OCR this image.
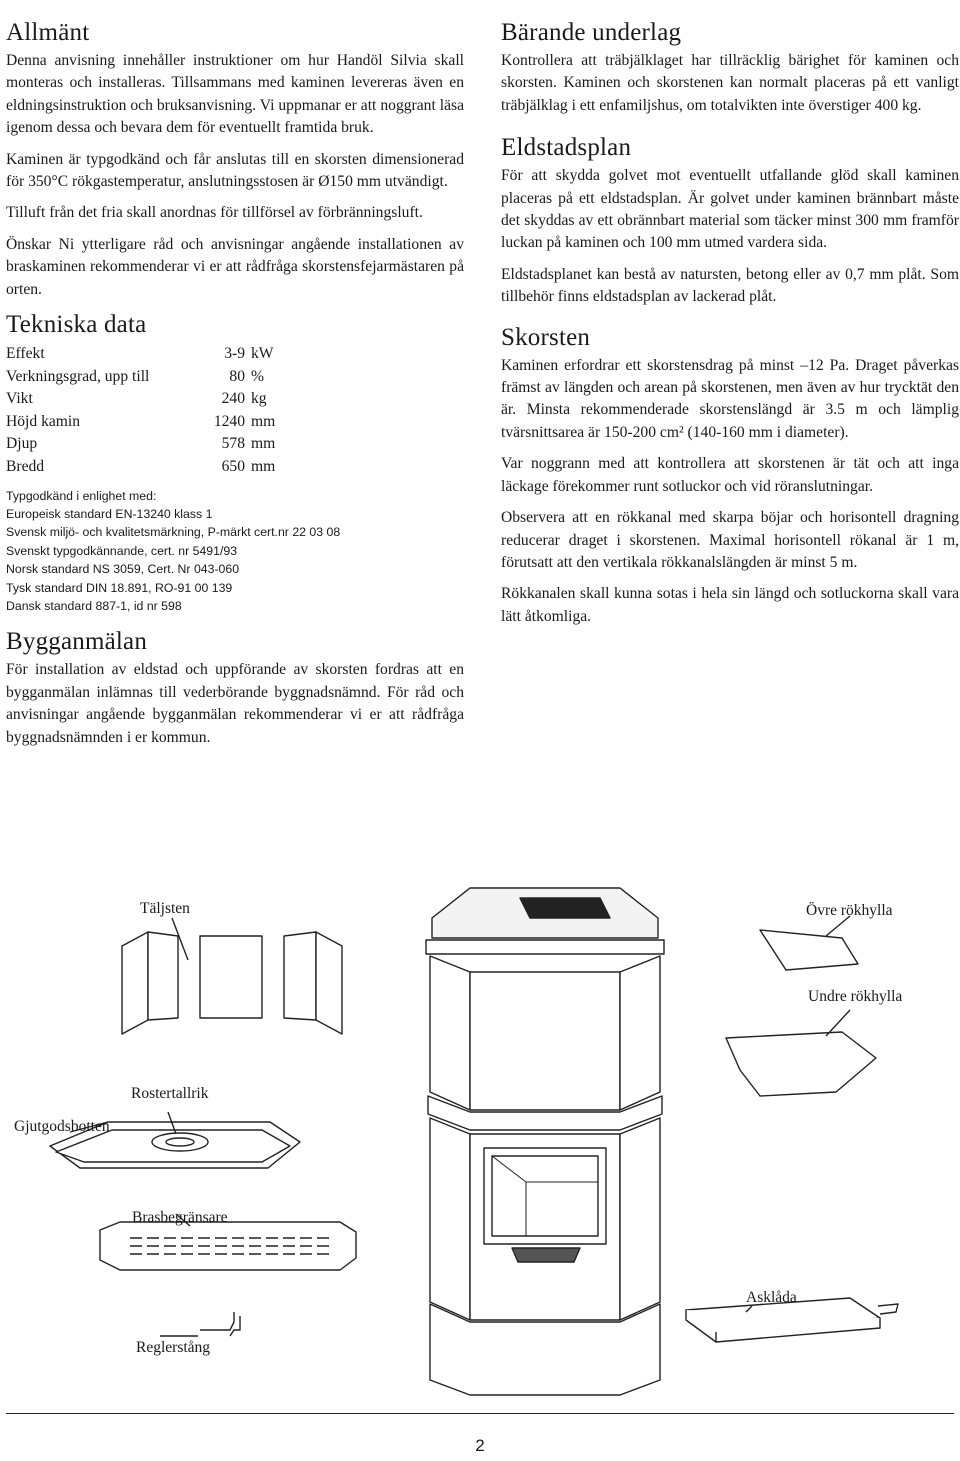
Allmänt

Denna anvisning innehåller instruktioner om hur Handöl Silvia skall monteras och installeras. Tillsammans med kaminen levereras även en eldningsinstruktion och bruksanvisning. Vi uppmanar er att noggrant läsa igenom dessa och bevara dem för eventuellt framtida bruk.

Kaminen är typgodkänd och får anslutas till en skorsten dimensionerad för 350°C rökgastemperatur, anslutningsstosen är Ø150 mm utvändigt.

Tilluft från det fria skall anordnas för tillförsel av förbränningsluft.

Önskar Ni ytterligare råd och anvisningar angående installationen av braskaminen rekommenderar vi er att rådfråga skorstensfejarmästaren på orten.

Tekniska data
Effekt	3-9	kW
Verkningsgrad, upp till	80	%
Vikt	240	kg
Höjd kamin	1240	mm
Djup	578	mm
Bredd	650	mm
Typgodkänd i enlighet med:
Europeisk standard EN-13240 klass 1
Svensk miljö- och kvalitetsmärkning, P-märkt cert.nr 22 03 08
Svenskt typgodkännande, cert. nr 5491/93
Norsk standard NS 3059, Cert. Nr 043-060
Tysk standard DIN 18.891, RO-91 00 139
Dansk standard 887-1, id nr 598
Bygganmälan

För installation av eldstad och uppförande av skorsten fordras att en bygganmälan inlämnas till vederbörande byggnadsnämnd. För råd och anvisningar angående bygganmälan rekommenderar vi er att rådfråga byggnadsnämnden i er kommun.

Bärande underlag

Kontrollera att träbjälklaget har tillräcklig bärighet för kaminen och skorsten. Kaminen och skorstenen kan normalt placeras på ett vanligt träbjälklag i ett enfamiljshus, om totalvikten inte överstiger 400 kg.

Eldstadsplan

För att skydda golvet mot eventuellt utfallande glöd skall kaminen placeras på ett eldstadsplan. Är golvet under kaminen brännbart måste det skyddas av ett obrännbart material som täcker minst 300 mm framför luckan på kaminen och 100 mm utmed vardera sida.

Eldstadsplanet kan bestå av natursten, betong eller av 0,7 mm plåt. Som tillbehör finns eldstadsplan av lackerad plåt.

Skorsten

Kaminen erfordrar ett skorstensdrag på minst –12 Pa. Draget påverkas främst av längden och arean på skorstenen, men även av hur trycktät den är. Minsta rekommenderade skorstenslängd är 3.5 m och lämplig tvärsnittsarea är 150-200 cm² (140-160 mm i diameter).

Var noggrann med att kontrollera att skorstenen är tät och att inga läckage förekommer runt sotluckor och vid röranslutningar.

Observera att en rökkanal med skarpa böjar och horisontell dragning reducerar draget i skorstenen. Maximal horisontell rökanal är 1 m, förutsatt att den vertikala rökkanalslängden är minst 5 m.

Rökkanalen skall kunna sotas i hela sin längd och sotluckorna skall vara lätt åtkomliga.

Täljsten	Övre rökhylla
Undre rökhylla
Rostertallrik
Gjutgodsbotten
Brasbegränsare
Asklåda
Reglerstång
2
